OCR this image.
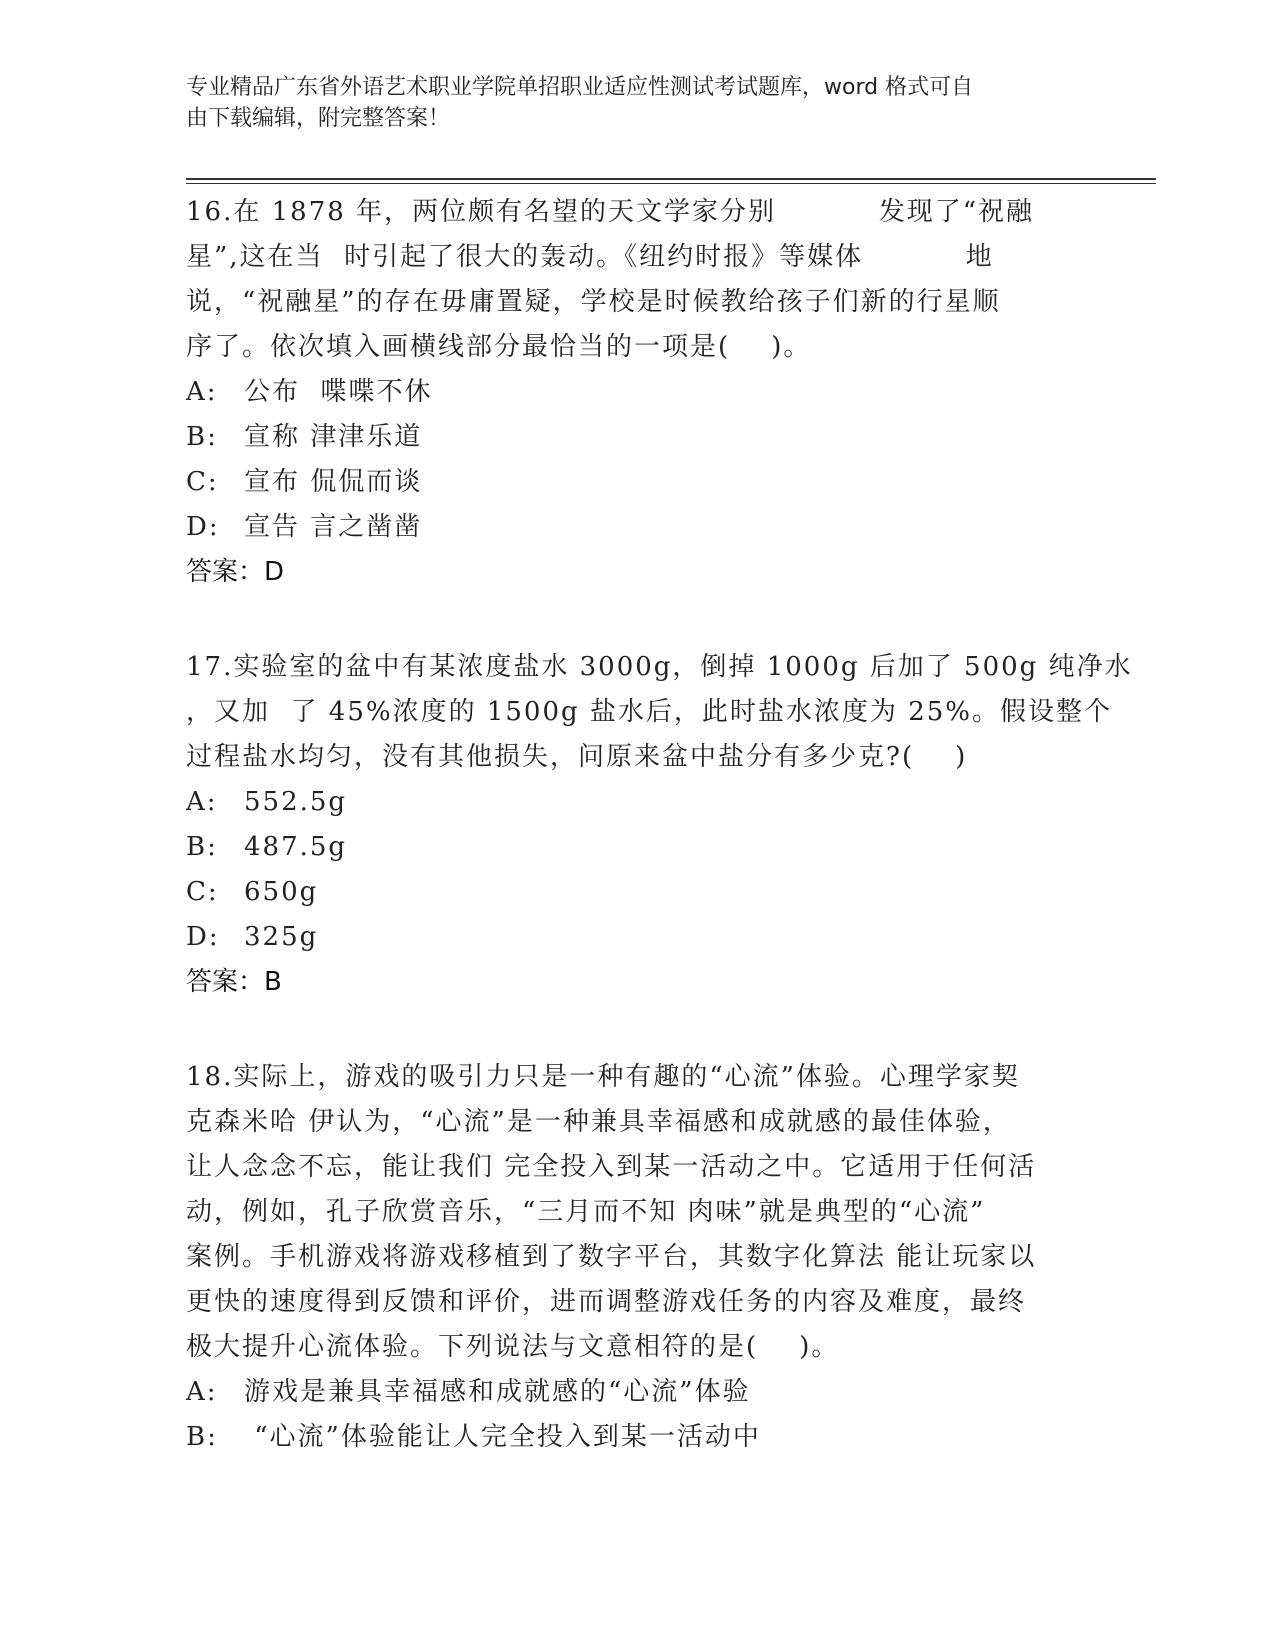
专业精品广东省外语艺术职业学院单招职业适应性测试考试题库，word 格式可自
由下载编辑，附完整答案！

16.在 1878 年，两位颇有名望的天文学家分别          发现了“祝融

星”,这在当  时引起了很大的轰动。《纽约时报》等媒体          地

说，“祝融星”的存在毋庸置疑，学校是时候教给孩子们新的行星顺

序了。依次填入画横线部分最恰当的一项是(    )。

A:	公布  喋喋不休
B:	宣称 津津乐道
C: 宣布 侃侃而谈
D: 宣告 言之凿凿
答案：D

17.实验室的盆中有某浓度盐水 3000g，倒掉 1000g 后加了 500g 纯净水

，又加  了 45%浓度的 1500g 盐水后，此时盐水浓度为 25%。假设整个

过程盐水均匀，没有其他损失，问原来盆中盐分有多少克?(    )

A:	552.5g
B:	487.5g
C: 650g
D: 325g
答案：B

18.实际上，游戏的吸引力只是一种有趣的“心流”体验。心理学家契

克森米哈 伊认为，“心流”是一种兼具幸福感和成就感的最佳体验，

让人念念不忘，能让我们 完全投入到某一活动之中。它适用于任何活

动，例如，孔子欣赏音乐，“三月而不知 肉味”就是典型的“心流”

案例。手机游戏将游戏移植到了数字平台，其数字化算法 能让玩家以

更快的速度得到反馈和评价，进而调整游戏任务的内容及难度，最终

极大提升心流体验。下列说法与文意相符的是(    )。

A:	游戏是兼具幸福感和成就感的“心流”体验
B:	“心流”体验能让人完全投入到某一活动中
